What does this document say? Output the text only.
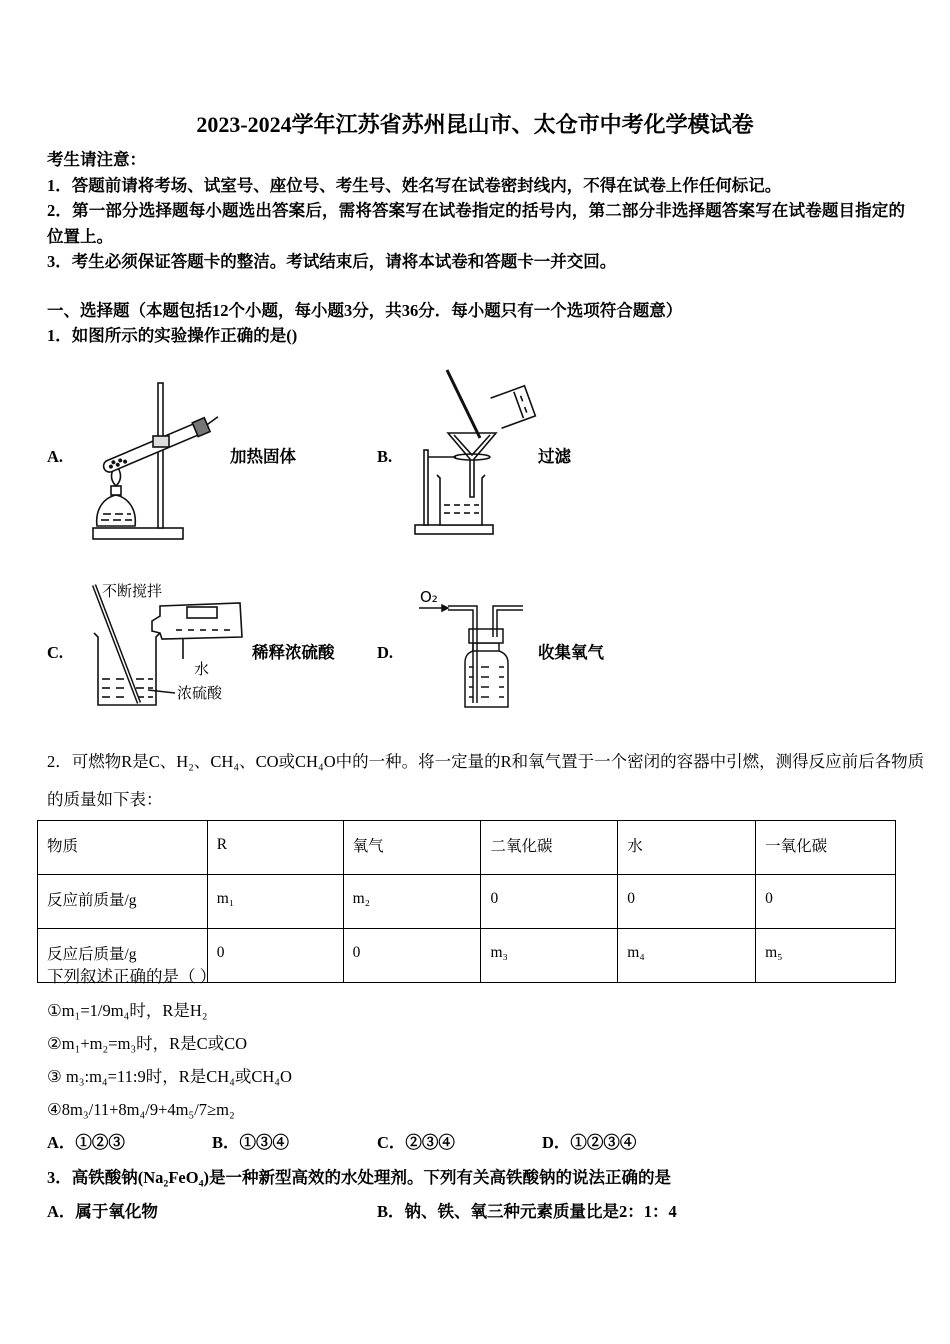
2023-2024学年江苏省苏州昆山市、太仓市中考化学模试卷
考生请注意：
1．答题前请将考场、试室号、座位号、考生号、姓名写在试卷密封线内，不得在试卷上作任何标记。
2．第一部分选择题每小题选出答案后，需将答案写在试卷指定的括号内，第二部分非选择题答案写在试卷题目指定的位置上。
3．考生必须保证答题卡的整洁。考试结束后，请将本试卷和答题卡一并交回。
一、选择题（本题包括12个小题，每小题3分，共36分．每小题只有一个选项符合题意）
1．如图所示的实验操作正确的是()
A.	加热固体	B.	过滤
C.	稀释浓硫酸	D.	收集氧气
不断搅拌
水
浓硫酸
O₂
2．可燃物R是C、H₂、CH₄、CO或CH₄O中的一种。将一定量的R和氧气置于一个密闭的容器中引燃，测得反应前后各物质
的质量如下表：
物质	R	氧气	二氧化碳	水	一氧化碳
反应前质量/g	m₁	m₂	0	0	0
反应后质量/g	0	0	m₃	m₄	m₅
下列叙述正确的是（ ）
①m₁=1/9m₄时，R是H₂
②m₁+m₂=m₃时，R是C或CO
③ m₃:m₄=11:9时，R是CH₄或CH₄O
④8m₃/11+8m₄/9+4m₅/7≥m₂
A．①②③	B．①③④	C．②③④	D．①②③④
3．高铁酸钠(Na₂FeO₄)是一种新型高效的水处理剂。下列有关高铁酸钠的说法正确的是
A．属于氧化物	B．钠、铁、氧三种元素质量比是2：1：4
